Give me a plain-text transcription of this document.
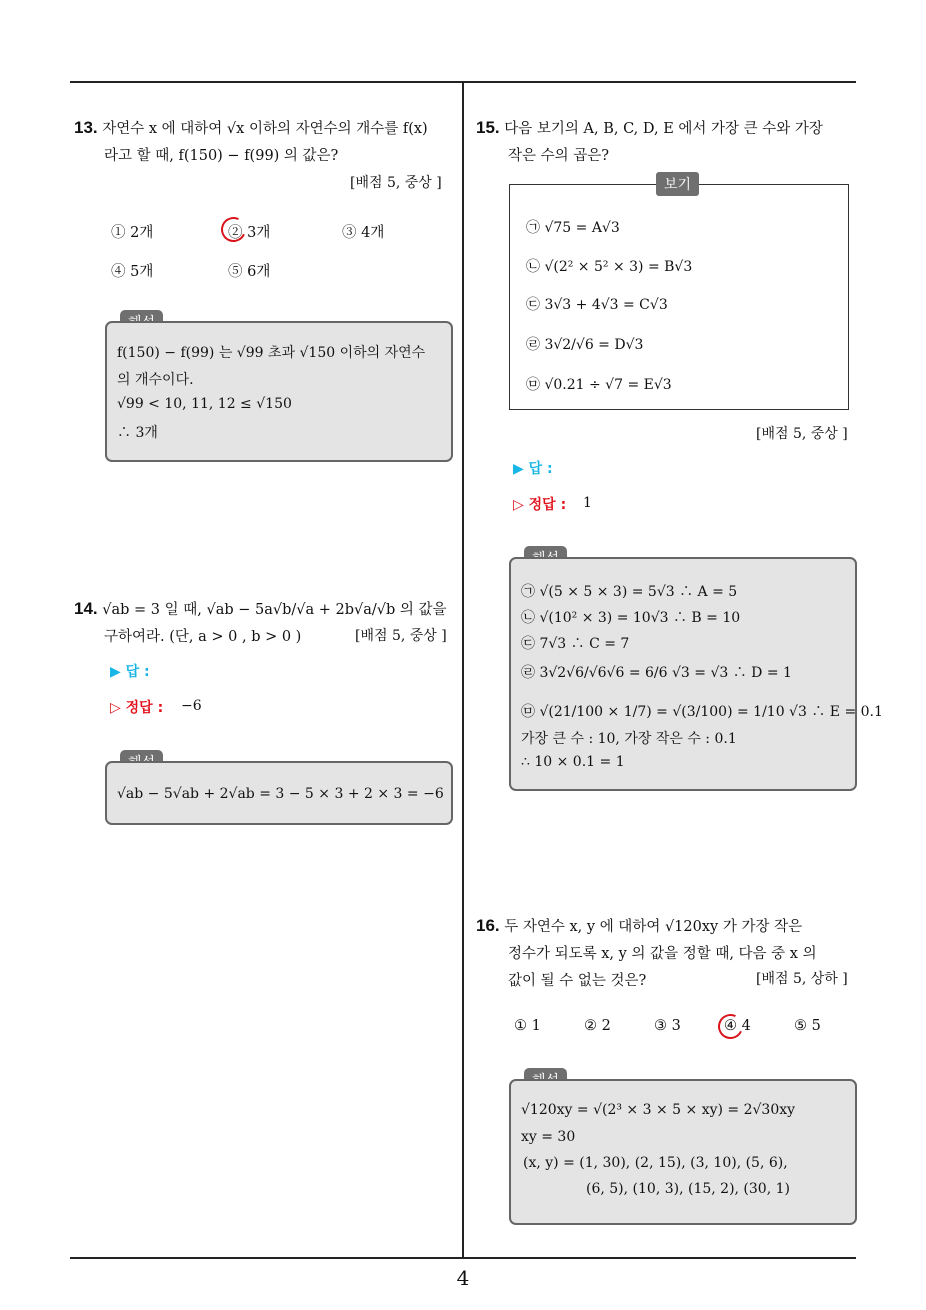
4
13. 자연수 x 에 대하여 √x 이하의 자연수의 개수를 f(x)
라고 할 때, f(150) − f(99) 의 값은?
[배점 5, 중상 ]
① 2개	② 3개	③ 4개
④ 5개	⑤ 6개
f(150) − f(99) 는 √99 초과 √150 이하의 자연수
의 개수이다.
√99 < 10, 11, 12 ≤ √150
∴ 3개
14. √ab = 3 일 때, √ab − 5a√b/√a + 2b√a/√b 의 값을
구하여라. (단, a > 0 , b > 0 )	[배점 5, 중상 ]
▶ 답 :
▷ 정답 : −6
√ab − 5√ab + 2√ab = 3 − 5 × 3 + 2 × 3 = −6
15. 다음 보기의 A, B, C, D, E 에서 가장 큰 수와 가장
작은 수의 곱은?
보기
㉠ √75 = A√3
㉡ √(2² × 5² × 3) = B√3
㉢ 3√3 + 4√3 = C√3
㉣ 3√2/√6 = D√3
㉤ √0.21 ÷ √7 = E√3
[배점 5, 중상 ]
▶ 답 :
▷ 정답 : 1
㉠ √(5 × 5 × 3) = 5√3 ∴ A = 5
㉡ √(10² × 3) = 10√3 ∴ B = 10
㉢ 7√3 ∴ C = 7
㉣ 3√2√6/√6√6 = 6/6 √3 = √3 ∴ D = 1
㉤ √(21/100 × 1/7) = √(3/100) = 1/10 √3 ∴ E = 0.1
가장 큰 수 : 10, 가장 작은 수 : 0.1
∴ 10 × 0.1 = 1
16. 두 자연수 x, y 에 대하여 √120xy 가 가장 작은
정수가 되도록 x, y 의 값을 정할 때, 다음 중 x 의
값이 될 수 없는 것은?	[배점 5, 상하 ]
① 1	② 2	③ 3	④ 4	⑤ 5
√120xy = √(2³ × 3 × 5 × xy) = 2√30xy
xy = 30
(x, y) = (1, 30), (2, 15), (3, 10), (5, 6),
(6, 5), (10, 3), (15, 2), (30, 1)
